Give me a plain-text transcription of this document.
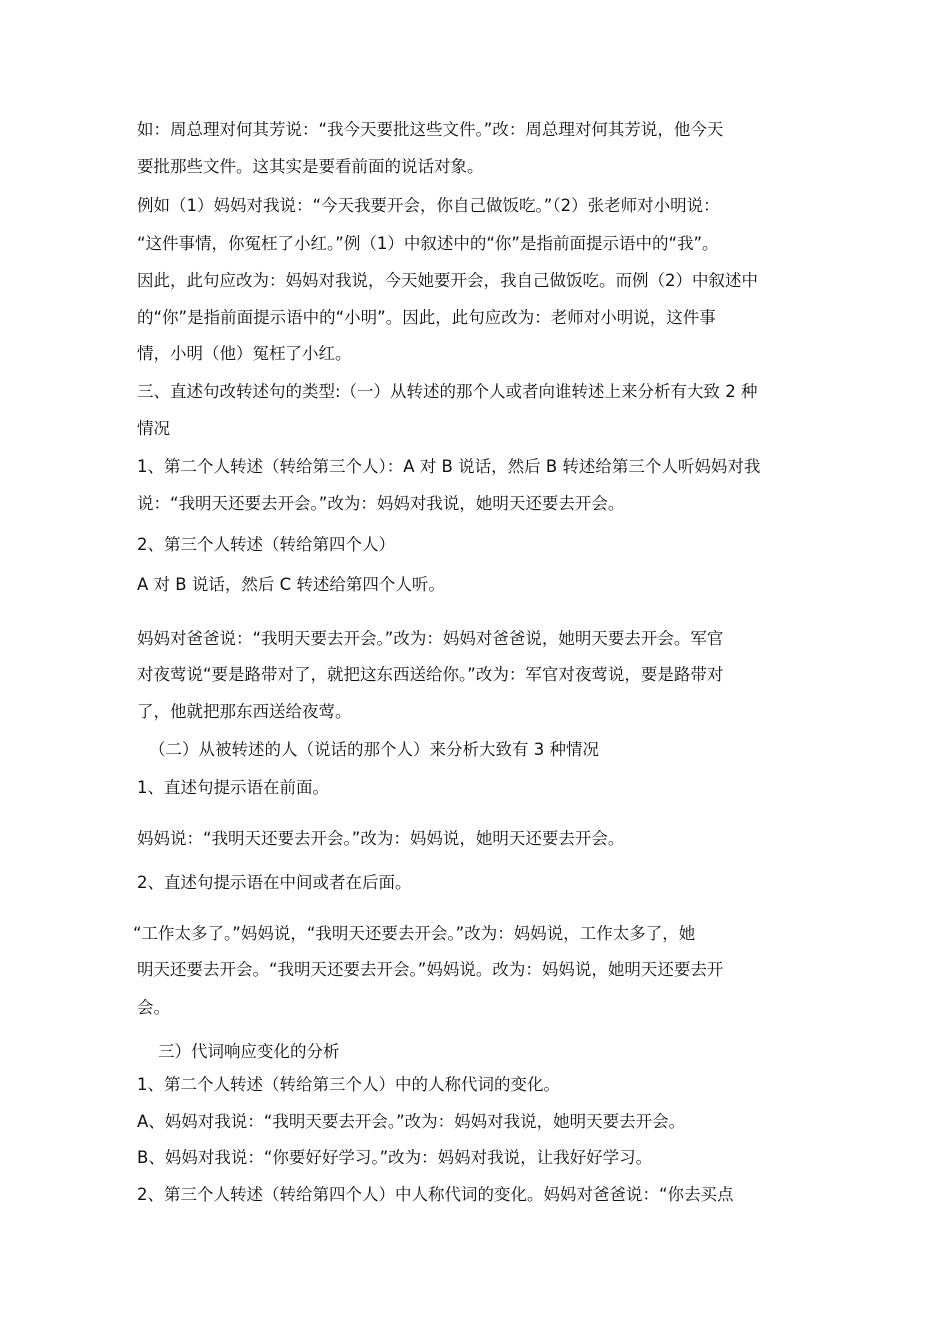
如：周总理对何其芳说：“我今天要批这些文件。”改：周总理对何其芳说，他今天
要批那些文件。这其实是要看前面的说话对象。
例如（1）妈妈对我说：“今天我要开会，你自己做饭吃。”（2）张老师对小明说：
“这件事情，你冤枉了小红。”例（1）中叙述中的“你”是指前面提示语中的“我”。
因此，此句应改为：妈妈对我说，今天她要开会，我自己做饭吃。而例（2）中叙述中
的“你”是指前面提示语中的“小明”。因此，此句应改为：老师对小明说，这件事
情，小明（他）冤枉了小红。
三、直述句改转述句的类型:（一）从转述的那个人或者向谁转述上来分析有大致 2 种
情况
1、第二个人转述（转给第三个人）：A 对 B 说话，然后 B 转述给第三个人听妈妈对我
说：“我明天还要去开会。”改为：妈妈对我说，她明天还要去开会。
2、第三个人转述（转给第四个人）
A 对 B 说话，然后 C 转述给第四个人听。
妈妈对爸爸说：“我明天要去开会。”改为：妈妈对爸爸说，她明天要去开会。军官
对夜莺说“要是路带对了，就把这东西送给你。”改为：军官对夜莺说，要是路带对
了，他就把那东西送给夜莺。
（二）从被转述的人（说话的那个人）来分析大致有 3 种情况
1、直述句提示语在前面。
妈妈说：“我明天还要去开会。”改为：妈妈说，她明天还要去开会。
2、直述句提示语在中间或者在后面。
“工作太多了。”妈妈说，“我明天还要去开会。”改为：妈妈说，工作太多了，她
明天还要去开会。“我明天还要去开会。”妈妈说。改为：妈妈说，她明天还要去开
会。
三）代词响应变化的分析
1、第二个人转述（转给第三个人）中的人称代词的变化。
A、妈妈对我说：“我明天要去开会。”改为：妈妈对我说，她明天要去开会。
B、妈妈对我说：“你要好好学习。”改为：妈妈对我说，让我好好学习。
2、第三个人转述（转给第四个人）中人称代词的变化。妈妈对爸爸说：“你去买点
